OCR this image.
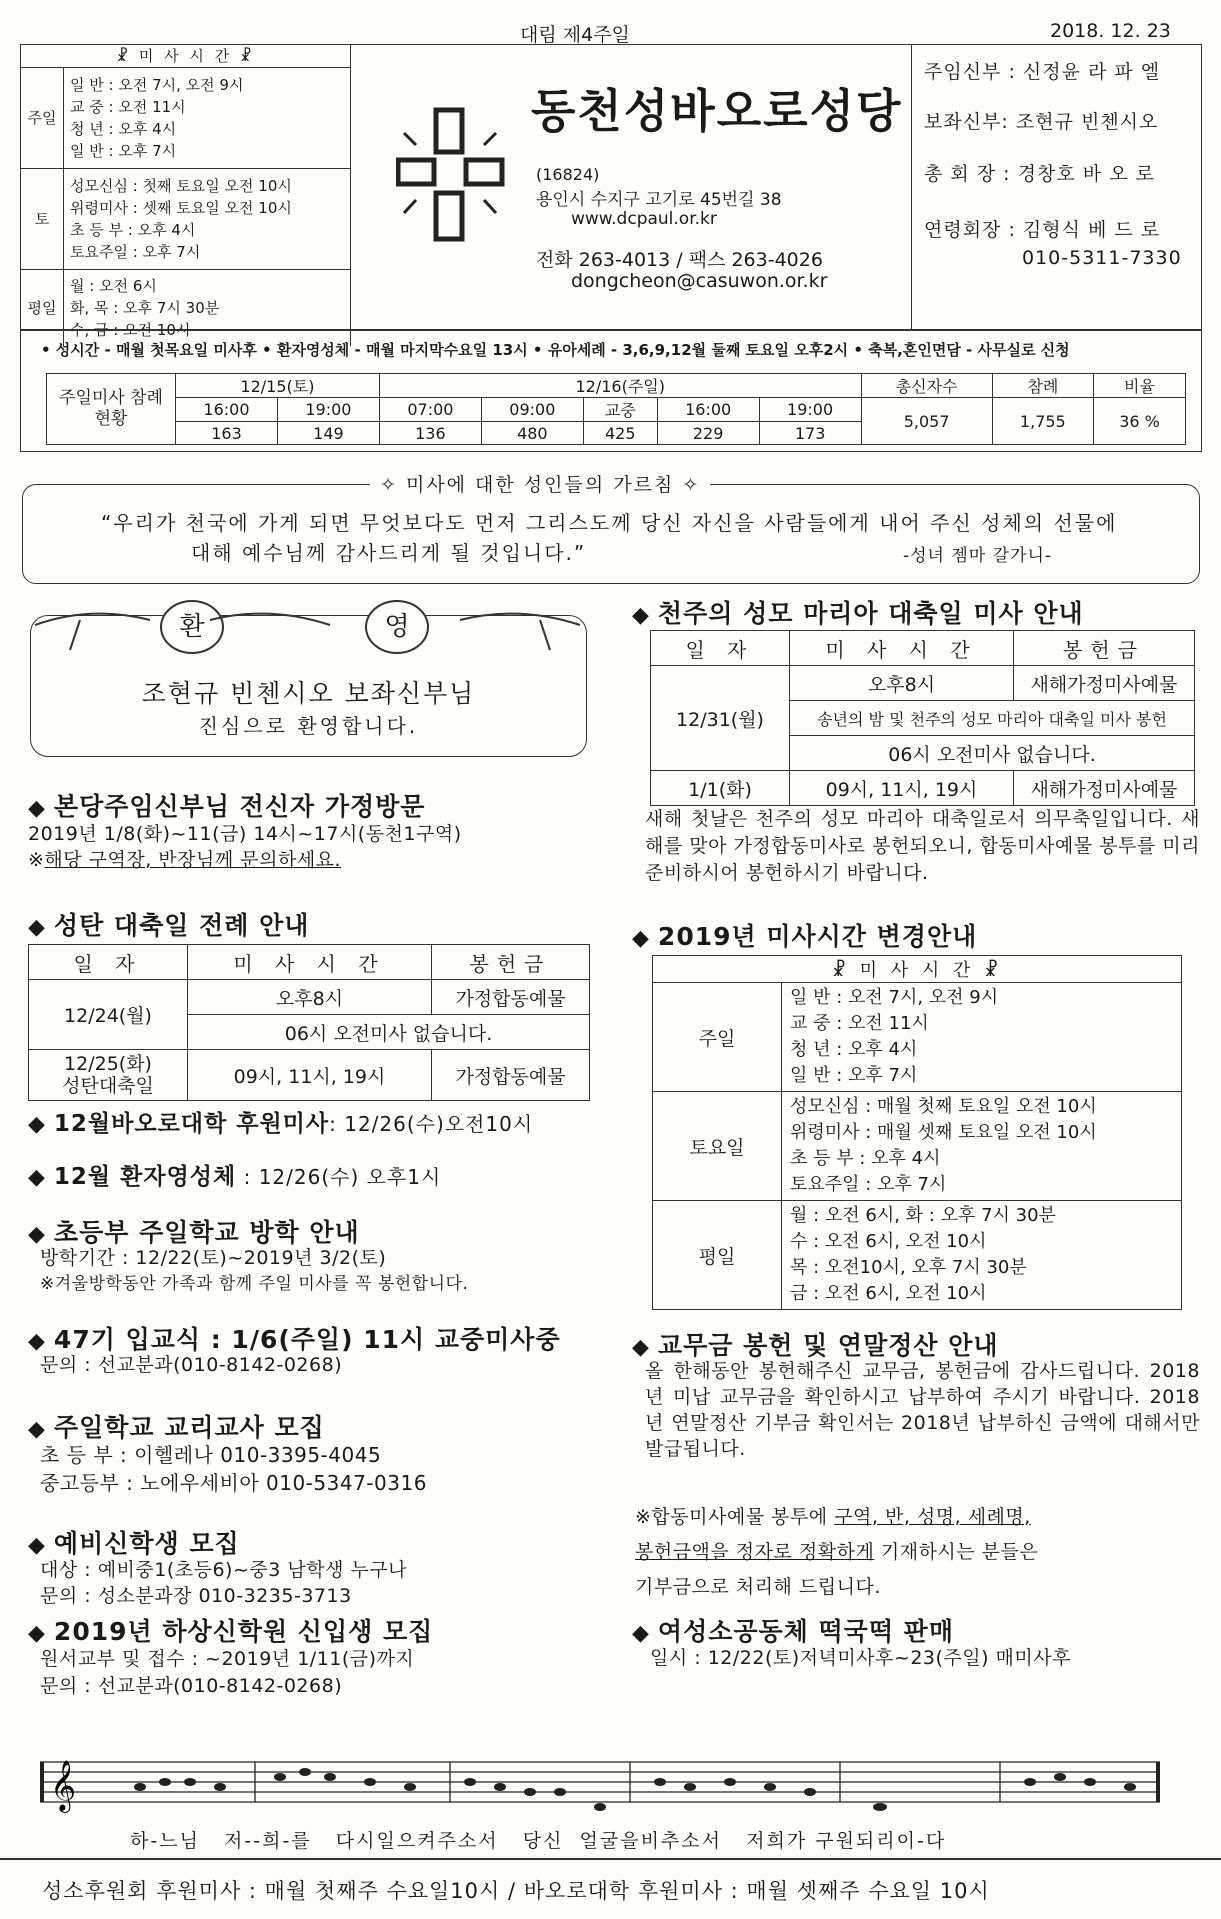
대림 제4주일	2018. 12. 23
☧ 미 사 시 간 ☧	
주일	일 반 : 오전 7시, 오전 9시
교 중 : 오전 11시
청 년 : 오후 4시
일 반 : 오후 7시

토	성모신심 : 첫째 토요일 오전 10시
위령미사 : 셋째 토요일 오전 10시
초 등 부 : 오후 4시
토요주일 : 오후 7시

평일	월 : 오전 6시
화, 목 : 오후 7시 30분
수, 금 : 오전 10시
동천성바오로성당
(16824)
용인시 수지구 고기로 45번길 38
www.dcpaul.or.kr
전화 263-4013 / 팩스 263-4026
dongcheon@casuwon.or.kr
주임신부 : 신정윤 라 파 엘
보좌신부: 조현규 빈첸시오
총 회 장 : 경창호 바 오 로
연령회장 : 김형식 베 드 로
010-5311-7330
• 성시간 - 매월 첫목요일 미사후 • 환자영성체 - 매월 마지막수요일 13시 • 유아세례 - 3,6,9,12월 둘째 토요일 오후2시 • 축복,혼인면담 - 사무실로 신청
주일미사 참례현황	12/15(토)		12/16(주일)					총신자수	참례	비율
	16:00	19:00	07:00	09:00	교중	16:00	19:00	5,057	1,755	36 %
	163	149	136	480	425	229	173			
“우리가 천국에 가게 되면 무엇보다도 먼저 그리스도께 당신 자신을 사람들에게 내어 주신 성체의 선물에
대해 예수님께 감사드리게 될 것입니다.”	-성녀 젬마 갈가니-
✧ 미사에 대한 성인들의 가르침 ✧
조현규 빈첸시오 보좌신부님
진심으로 환영합니다.
환	영
◆ 본당주임신부님 전신자 가정방문
2019년 1/8(화)~11(금) 14시~17시(동천1구역)
※해당 구역장, 반장님께 문의하세요.
◆ 성탄 대축일 전례 안내
일 자	미 사 시 간	봉헌금
12/24(월)	오후8시	가정합동예물
	06시 오전미사 없습니다.	

12/25(화)
성탄대축일	09시, 11시, 19시	가정합동예물
◆ 12월바오로대학 후원미사: 12/26(수)오전10시
◆ 12월 환자영성체 : 12/26(수) 오후1시
◆ 초등부 주일학교 방학 안내
방학기간 : 12/22(토)~2019년 3/2(토)
※겨울방학동안 가족과 함께 주일 미사를 꼭 봉헌합니다.
◆ 47기 입교식 : 1/6(주일) 11시 교중미사중
문의 : 선교분과(010-8142-0268)
◆ 주일학교 교리교사 모집
초 등 부 : 이헬레나 010-3395-4045
중고등부 : 노에우세비아 010-5347-0316
◆ 예비신학생 모집
대상 : 예비중1(초등6)~중3 남학생 누구나
문의 : 성소분과장 010-3235-3713
◆ 2019년 하상신학원 신입생 모집
원서교부 및 접수 : ~2019년 1/11(금)까지
문의 : 선교분과(010-8142-0268)
◆ 천주의 성모 마리아 대축일 미사 안내
일 자	미 사 시 간	봉헌금
12/31(월)	오후8시	새해가정미사예물
	송년의 밤 및 천주의 성모 마리아 대축일 미사 봉헌	
	06시 오전미사 없습니다.	
1/1(화)	09시, 11시, 19시	새해가정미사예물
새해 첫날은 천주의 성모 마리아 대축일로서 의무축일입니다. 새해를 맞아 가정합동미사로 봉헌되오니, 합동미사예물 봉투를 미리 준비하시어 봉헌하시기 바랍니다.
◆ 2019년 미사시간 변경안내
☧ 미 사 시 간 ☧	
주일	일 반 : 오전 7시, 오전 9시
교 중 : 오전 11시
청 년 : 오후 4시
일 반 : 오후 7시

토요일	성모신심 : 매월 첫째 토요일 오전 10시
위령미사 : 매월 셋째 토요일 오전 10시
초 등 부 : 오후 4시
토요주일 : 오후 7시

평일	월 : 오전 6시, 화 : 오후 7시 30분
수 : 오전 6시, 오전 10시
목 : 오전10시, 오후 7시 30분
금 : 오전 6시, 오전 10시
◆ 교무금 봉헌 및 연말정산 안내
올 한해동안 봉헌해주신 교무금, 봉헌금에 감사드립니다. 2018년 미납 교무금을 확인하시고 납부하여 주시기 바랍니다. 2018년 연말정산 기부금 확인서는 2018년 납부하신 금액에 대해서만 발급됩니다.
※합동미사예물 봉투에 구역, 반, 성명, 세례명,
봉헌금액을 정자로 정확하게 기재하시는 분들은
기부금으로 처리해 드립니다.
◆ 여성소공동체 떡국떡 판매
일시 : 12/22(토)저녁미사후~23(주일) 매미사후
𝄞
하-느님   저--희-를   다시일으켜주소서   당신  얼굴을비추소서   저희가 구원되리이-다
성소후원회 후원미사 : 매월 첫째주 수요일10시 / 바오로대학 후원미사 : 매월 셋째주 수요일 10시
